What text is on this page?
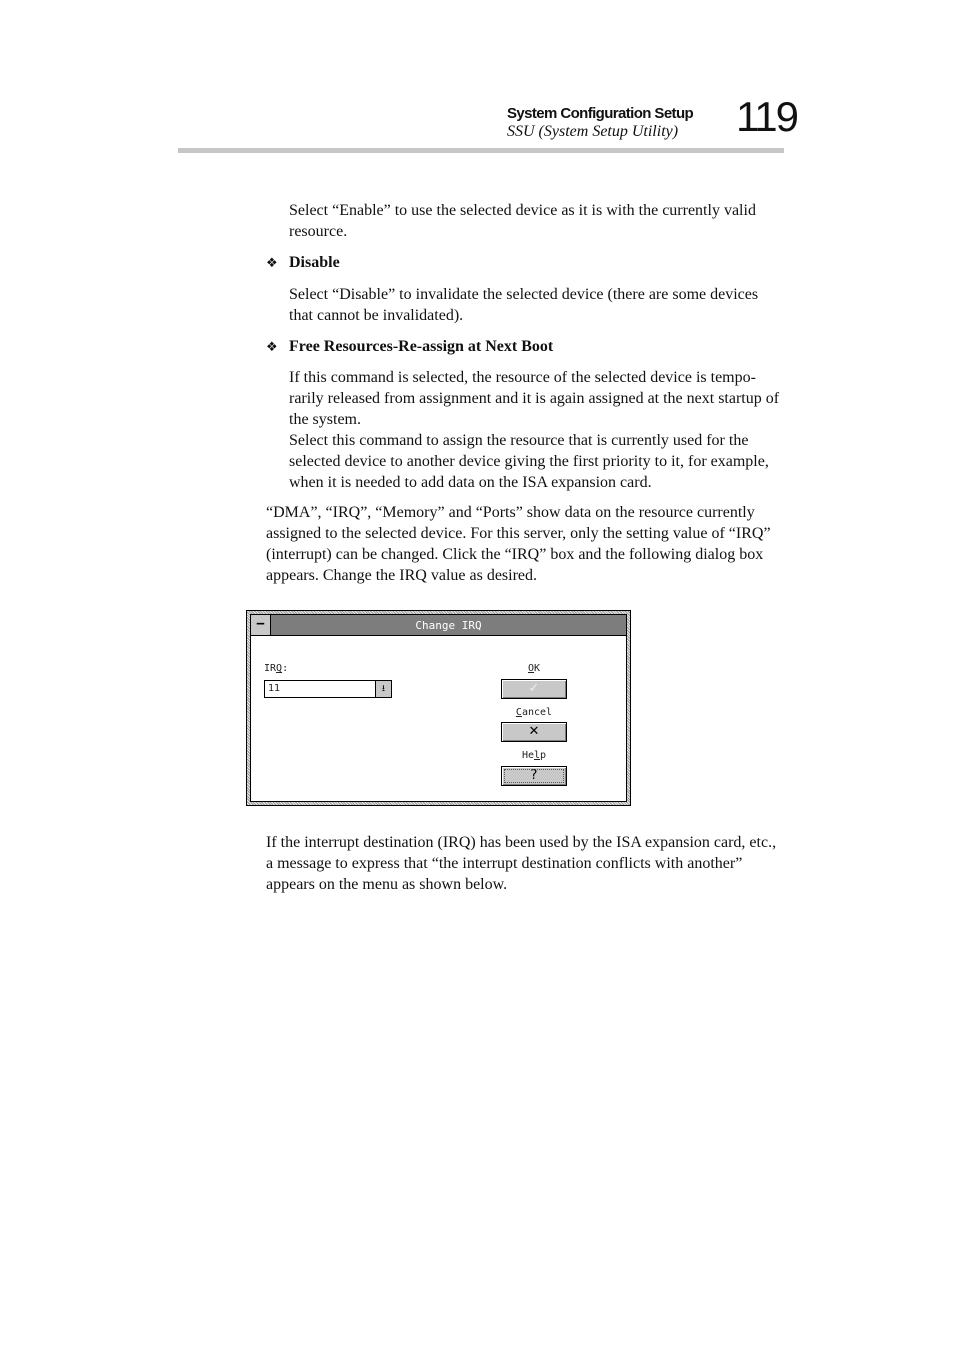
System Configuration Setup
SSU (System Setup Utility)	119

Select “Enable” to use the selected device as it is with the currently valid
resource.

❖ Disable

Select “Disable” to invalidate the selected device (there are some devices
that cannot be invalidated).

❖ Free Resources-Re-assign at Next Boot

If this command is selected, the resource of the selected device is tempo-
rarily released from assignment and it is again assigned at the next startup of
the system.
Select this command to assign the resource that is currently used for the
selected device to another device giving the first priority to it, for example,
when it is needed to add data on the ISA expansion card.

“DMA”, “IRQ”, “Memory” and “Ports” show data on the resource currently
assigned to the selected device. For this server, only the setting value of “IRQ”
(interrupt) can be changed. Click the “IRQ” box and the following dialog box
appears. Change the IRQ value as desired.

−	Change IRQ
IRQ:
11	⭳
OK
✓
Cancel
✕
Help
?

If the interrupt destination (IRQ) has been used by the ISA expansion card, etc.,
a message to express that “the interrupt destination conflicts with another”
appears on the menu as shown below.
